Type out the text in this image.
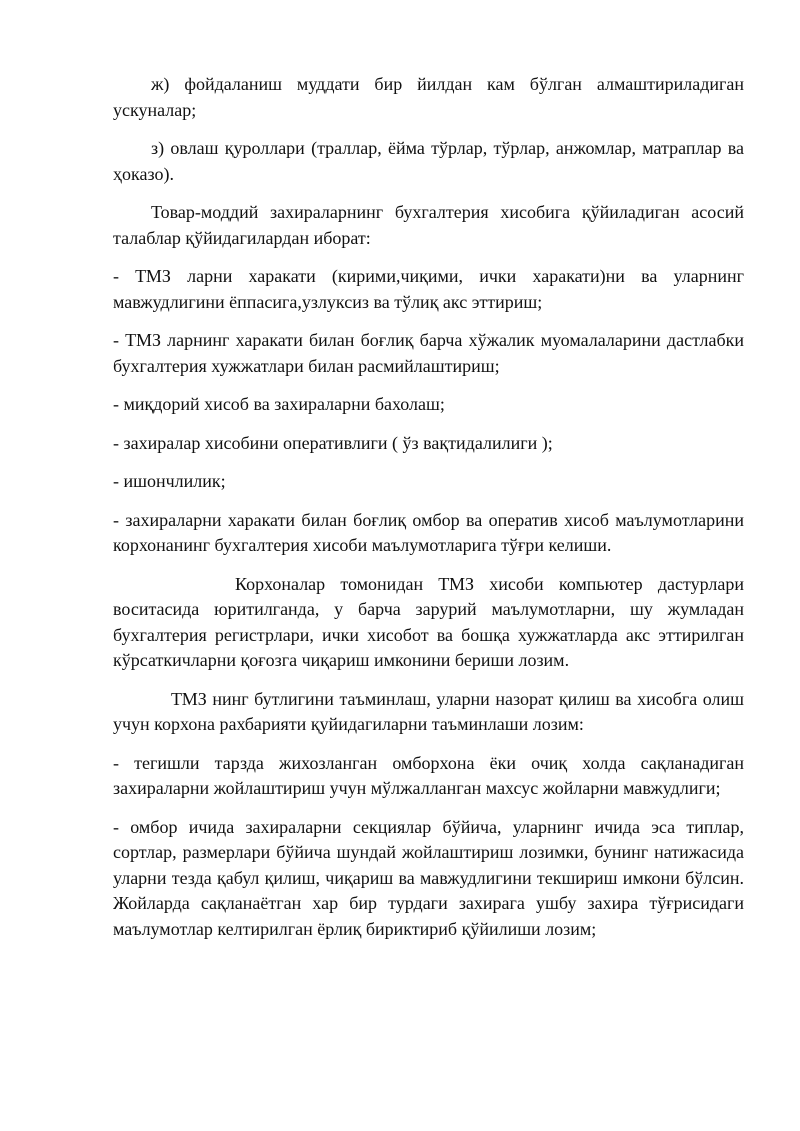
ж) фойдаланиш муддати бир йилдан кам бўлган алмаштириладиган ускуналар;

з) овлаш қуроллари (траллар, ёйма тўрлар, тўрлар, анжомлар, матраплар ва ҳоказо).

Товар-моддий захираларнинг бухгалтерия хисобига қўйиладиган асосий талаблар қўйидагилардан иборат:

- ТМЗ ларни харакати (кирими,чиқими, ички харакати)ни ва уларнинг мавжудлигини ёппасига,узлуксиз ва тўлиқ акс эттириш;

- ТМЗ ларнинг харакати билан боғлиқ барча хўжалик муомалаларини дастлабки бухгалтерия хужжатлари билан расмийлаштириш;

- миқдорий хисоб ва захираларни бахолаш;

- захиралар хисобини оперативлиги ( ўз вақтидалилиги );

- ишончлилик;

- захираларни харакати билан боғлиқ омбор ва оператив хисоб маълумотларини корхонанинг бухгалтерия хисоби маълумотларига тўғри келиши.

Корхоналар томонидан ТМЗ хисоби компьютер дастурлари воситасида юритилганда, у барча зарурий маълумотларни, шу жумладан бухгалтерия регистрлари, ички хисобот ва бошқа хужжатларда акс эттирилган кўрсаткичларни қоғозга чиқариш имконини бериши лозим.

ТМЗ нинг бутлигини таъминлаш, уларни назорат қилиш ва хисобга олиш учун корхона рахбарияти қуйидагиларни таъминлаши лозим:

- тегишли тарзда жихозланган омборхона ёки очиқ холда сақланадиган захираларни жойлаштириш учун мўлжалланган махсус жойларни мавжудлиги;

- омбор ичида захираларни секциялар бўйича, уларнинг ичида эса типлар, сортлар, размерлари бўйича шундай жойлаштириш лозимки, бунинг натижасида уларни тезда қабул қилиш, чиқариш ва мавжудлигини текшириш имкони бўлсин. Жойларда сақланаётган хар бир турдаги захирага ушбу захира тўғрисидаги маълумотлар келтирилган ёрлиқ бириктириб қўйилиши лозим;
